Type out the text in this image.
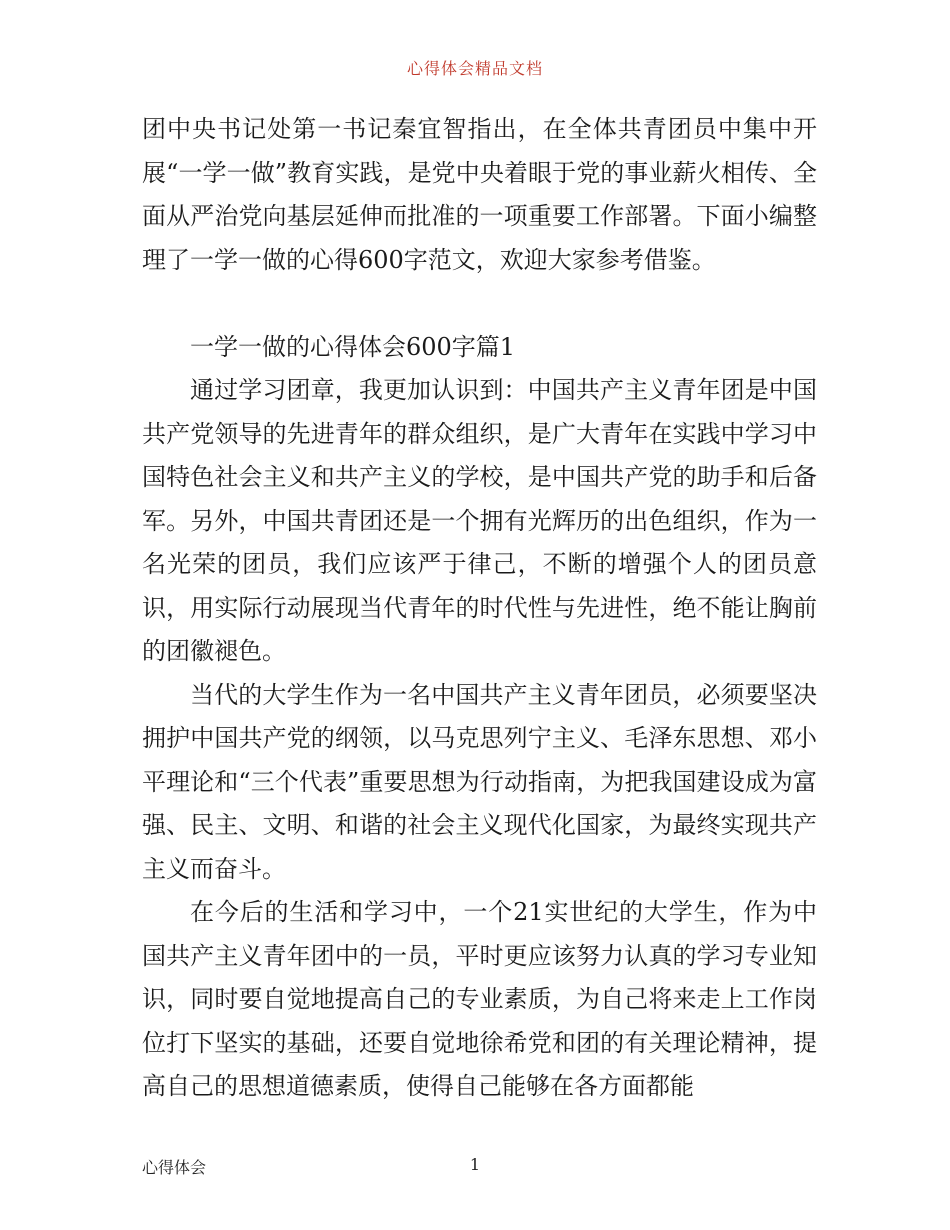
心得体会精品文档

团中央书记处第一书记秦宜智指出，在全体共青团员中集中开展“一学一做”教育实践，是党中央着眼于党的事业薪火相传、全面从严治党向基层延伸而批准的一项重要工作部署。下面小编整理了一学一做的心得600字范文，欢迎大家参考借鉴。

一学一做的心得体会600字篇1

通过学习团章，我更加认识到：中国共产主义青年团是中国共产党领导的先进青年的群众组织，是广大青年在实践中学习中国特色社会主义和共产主义的学校，是中国共产党的助手和后备军。另外，中国共青团还是一个拥有光辉历的出色组织，作为一名光荣的团员，我们应该严于律己，不断的增强个人的团员意识，用实际行动展现当代青年的时代性与先进性，绝不能让胸前的团徽褪色。

当代的大学生作为一名中国共产主义青年团员，必须要坚决拥护中国共产党的纲领，以马克思列宁主义、毛泽东思想、邓小平理论和“三个代表”重要思想为行动指南，为把我国建设成为富强、民主、文明、和谐的社会主义现代化国家，为最终实现共产主义而奋斗。

在今后的生活和学习中，一个21实世纪的大学生，作为中国共产主义青年团中的一员，平时更应该努力认真的学习专业知识，同时要自觉地提高自己的专业素质，为自己将来走上工作岗位打下坚实的基础，还要自觉地徐希党和团的有关理论精神，提高自己的思想道德素质，使得自己能够在各方面都能

心得体会	1
